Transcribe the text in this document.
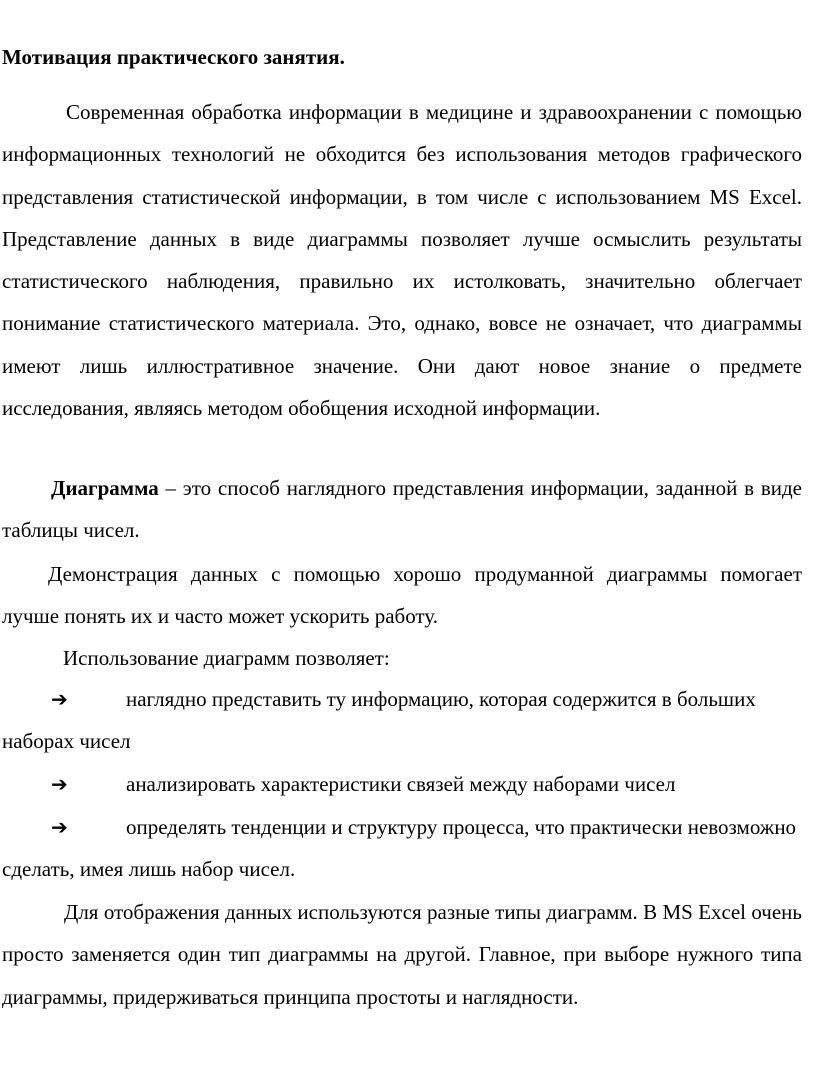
Мотивация практического занятия.

Современная обработка информации в медицине и здравоохранении с помощью информационных технологий не обходится без использования методов графического представления статистической информации, в том числе с использованием MS Excel. Представление данных в виде диаграммы позволяет лучше осмыслить результаты статистического наблюдения, правильно их истолковать, значительно облегчает понимание статистического материала. Это, однако, вовсе не означает, что диаграммы имеют лишь иллюстративное значение. Они дают новое знание о предмете исследования, являясь методом обобщения исходной информации.

Диаграмма – это способ наглядного представления информации, заданной в виде таблицы чисел.

Демонстрация данных с помощью хорошо продуманной диаграммы помогает лучше понять их и часто может ускорить работу.

Использование диаграмм позволяет:

➔	наглядно представить ту информацию, которая содержится в больших наборах чисел

➔	анализировать характеристики связей между наборами чисел

➔	определять тенденции и структуру процесса, что практически невозможно сделать, имея лишь набор чисел.

Для отображения данных используются разные типы диаграмм. В MS Excel очень просто заменяется один тип диаграммы на другой. Главное, при выборе нужного типа диаграммы, придерживаться принципа простоты и наглядности.
